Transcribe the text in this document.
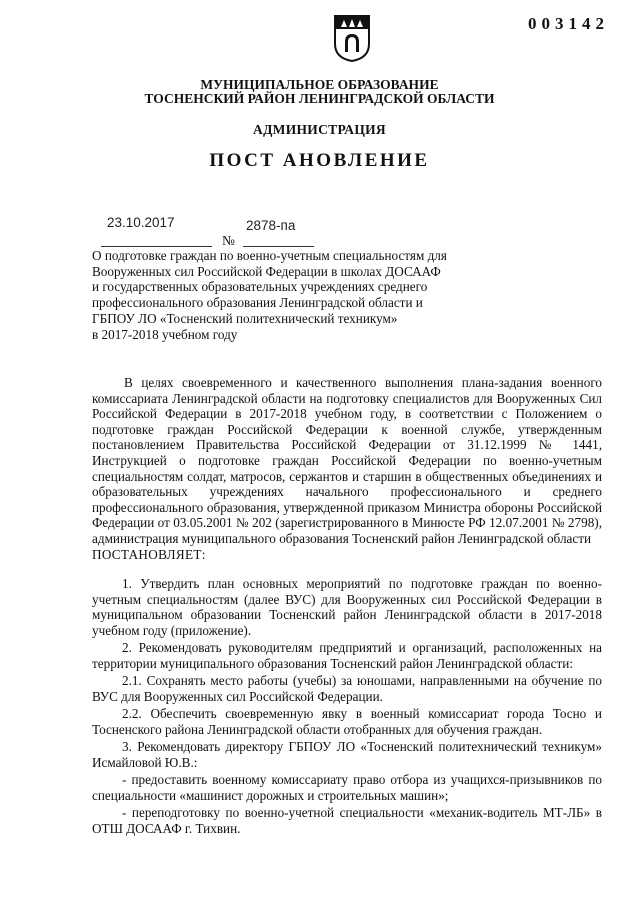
003142
МУНИЦИПАЛЬНОЕ ОБРАЗОВАНИЕ
ТОСНЕНСКИЙ РАЙОН ЛЕНИНГРАДСКОЙ ОБЛАСТИ
АДМИНИСТРАЦИЯ
ПОСТ АНОВЛЕНИЕ
23.10.2017	2878-па
№
О подготовке граждан по военно-учетным специальностям для
Вооруженных сил Российской Федерации в школах ДОСААФ
и государственных образовательных учреждениях среднего
профессионального образования Ленинградской области и
ГБПОУ ЛО «Тосненский политехнический техникум»
в 2017-2018 учебном году
В целях своевременного и качественного выполнения плана-задания военного комиссариата Ленинградской области на подготовку специалистов для Вооруженных Сил Российской Федерации в 2017-2018 учебном году, в соответствии с Положением о подготовке граждан Российской Федерации к военной службе, утвержденным постановлением Правительства Российской Федерации от 31.12.1999 № 1441, Инструкцией о подготовке граждан Российской Федерации по военно-учетным специальностям солдат, матросов, сержантов и старшин в общественных объединениях и образовательных учреждениях начального профессионального и среднего профессионального образования, утвержденной приказом Министра обороны Российской Федерации от 03.05.2001 № 202 (зарегистрированного в Минюсте РФ 12.07.2001 № 2798), администрация муниципального образования Тосненский район Ленинградской области
ПОСТАНОВЛЯЕТ:

1. Утвердить план основных мероприятий по подготовке граждан по военно-учетным специальностям (далее ВУС) для Вооруженных сил Российской Федерации в муниципальном образовании Тосненский район Ленинградской области в 2017-2018 учебном году (приложение).

2. Рекомендовать руководителям предприятий и организаций, расположенных на территории муниципального образования Тосненский район Ленинградской области:

2.1. Сохранять место работы (учебы) за юношами, направленными на обучение по ВУС для Вооруженных сил Российской Федерации.

2.2. Обеспечить своевременную явку в военный комиссариат города Тосно и Тосненского района Ленинградской области отобранных для обучения граждан.

3. Рекомендовать директору ГБПОУ ЛО «Тосненский политехнический техникум» Исмайловой Ю.В.:

- предоставить военному комиссариату право отбора из учащихся-призывников по специальности «машинист дорожных и строительных машин»;

- переподготовку по военно-учетной специальности «механик-водитель МТ-ЛБ» в ОТШ ДОСААФ г. Тихвин.
